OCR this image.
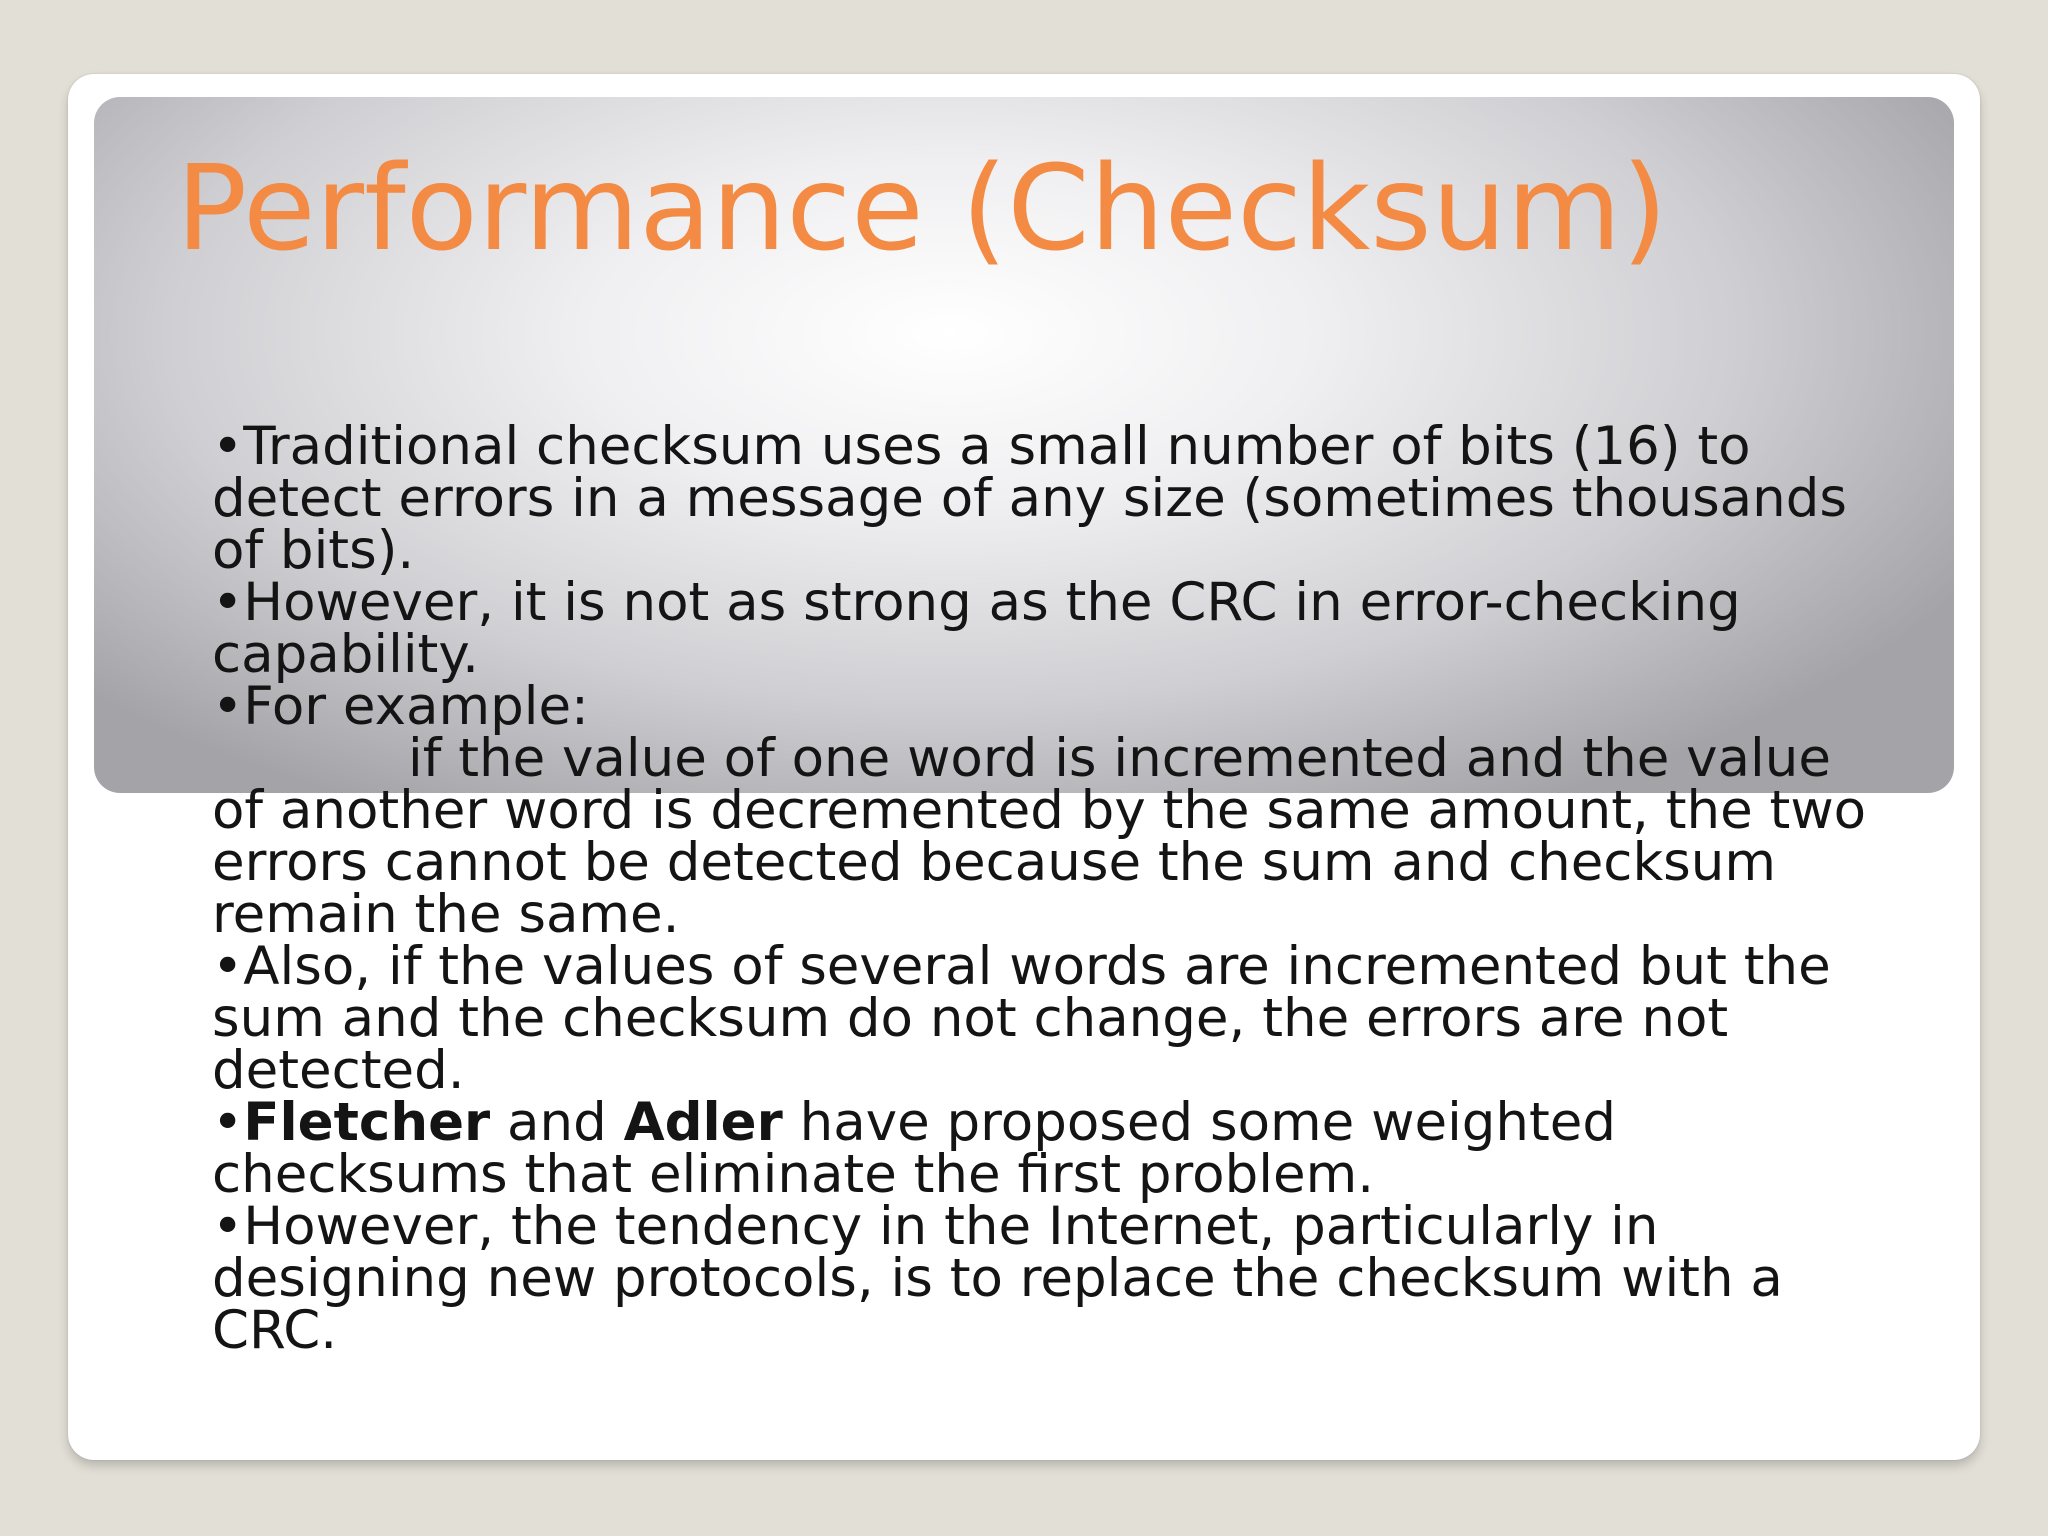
Performance (Checksum)

•Traditional checksum uses a small number of bits (16) to detect errors in a message of any size (sometimes thousands of bits).

•However, it is not as strong as the CRC in error-checking capability.

•For example:

if the value of one word is incremented and the value of another word is decremented by the same amount, the two errors cannot be detected because the sum and checksum remain the same.

•Also, if the values of several words are incremented but the sum and the checksum do not change, the errors are not detected.

•Fletcher and Adler have proposed some weighted checksums that eliminate the first problem.

•However, the tendency in the Internet, particularly in designing new protocols, is to replace the checksum with a CRC.
